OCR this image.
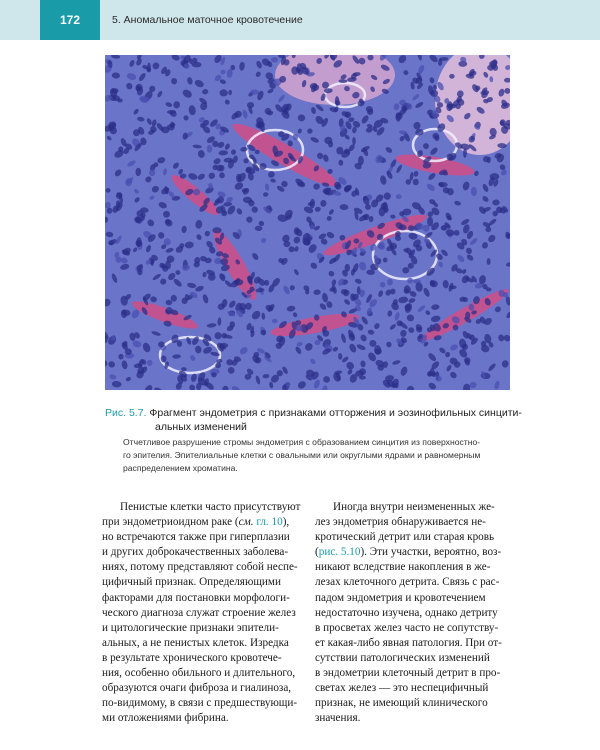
172	5. Аномальное маточное кровотечение
Рис. 5.7. Фрагмент эндометрия с признаками отторжения и эозинофильных синцити-
альных изменений
Отчетливое разрушение стромы эндометрия с образованием синцития из поверхностно-
го эпителия. Эпителиальные клетки с овальными или округлыми ядрами и равномерным
распределением хроматина.
Пенистые клетки часто присутствуют
при эндометриоидном раке (см. гл. 10),
но встречаются также при гиперплазии
и других доброкачественных заболева-
ниях, потому представляют собой неспе-
цифичный признак. Определяющими
факторами для постановки морфологи-
ческого диагноза служат строение желез
и цитологические признаки эпители-
альных, а не пенистых клеток. Изредка
в результате хронического кровотече-
ния, особенно обильного и длительного,
образуются очаги фиброза и гиалиноза,
по-видимому, в связи с предшествующи-
ми отложениями фибрина.
Иногда внутри неизмененных же-
лез эндометрия обнаруживается не-
кротический детрит или старая кровь
(рис. 5.10). Эти участки, вероятно, воз-
никают вследствие накопления в же-
лезах клеточного детрита. Связь с рас-
падом эндометрия и кровотечением
недостаточно изучена, однако детриту
в просветах желез часто не сопутству-
ет какая-либо явная патология. При от-
сутствии патологических изменений
в эндометрии клеточный детрит в про-
светах желез — это неспецифичный
признак, не имеющий клинического
значения.
